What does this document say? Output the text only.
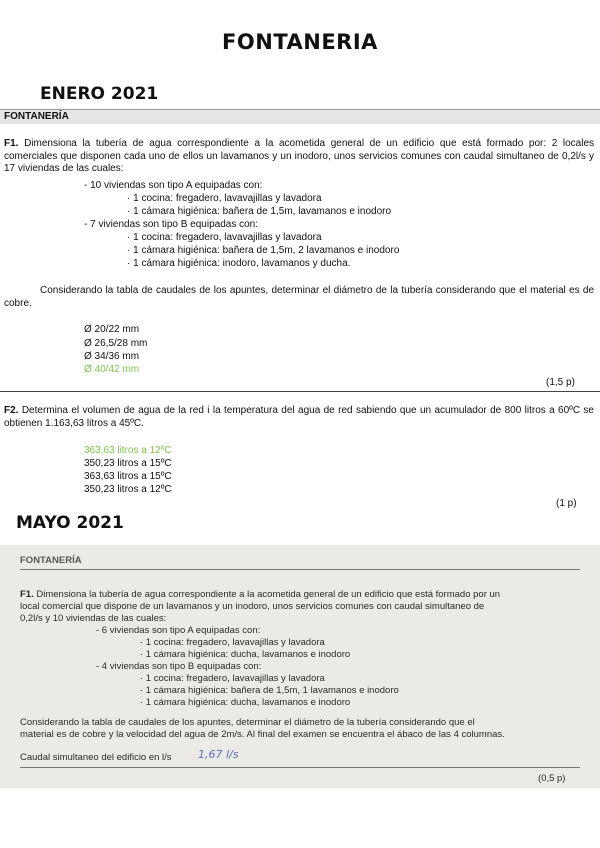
FONTANERIA
ENERO 2021
FONTANERÍA
F1. Dimensiona la tubería de agua correspondiente a la acometida general de un edificio que está formado por: 2 locales comerciales que disponen cada uno de ellos un lavamanos y un inodoro, unos servicios comunes con caudal simultaneo de 0,2l/s y 17 viviendas de las cuales:
- 10 viviendas son tipo A equipadas con:
· 1 cocina: fregadero, lavavajillas y lavadora
· 1 cámara higiénica: bañera de 1,5m, lavamanos e inodoro
- 7 viviendas son tipo B equipadas con:
· 1 cocina: fregadero, lavavajillas y lavadora
· 1 cámara higiénica: bañera de 1,5m, 2 lavamanos e inodoro
· 1 cámara higiénica: inodoro, lavamanos y ducha.
Considerando la tabla de caudales de los apuntes, determinar el diámetro de la tubería considerando que el material es de cobre.
Ø 20/22 mm
Ø 26,5/28 mm
Ø 34/36 mm
Ø 40/42 mm
(1,5 p)
F2. Determina el volumen de agua de la red i la temperatura del agua de red sabiendo que un acumulador de 800 litros a 60ºC se obtienen 1.163,63 litros a 45ºC.
363,63 litros a 12ºC
350,23 litros a 15ºC
363,63 litros a 15ºC
350,23 litros a 12ºC
(1 p)
MAYO 2021
FONTANERÍA
F1. Dimensiona la tubería de agua correspondiente a la acometida general de un edificio que está formado por un
local comercial que dispone de un lavamanos y un inodoro, unos servicios comunes con caudal simultaneo de
0,2l/s y 10 viviendas de las cuales:
- 6 viviendas son tipo A equipadas con:
· 1 cocina: fregadero, lavavajillas y lavadora
· 1 cámara higiénica: ducha, lavamanos e inodoro
- 4 viviendas son tipo B equipadas con:
· 1 cocina: fregadero, lavavajillas y lavadora
· 1 cámara higiénica: bañera de 1,5m, 1 lavamanos e inodoro
· 1 cámara higiénica: ducha, lavamanos e inodoro
Considerando la tabla de caudales de los apuntes, determinar el diámetro de la tubería considerando que el
material es de cobre y la velocidad del agua de 2m/s. Al final del examen se encuentra el ábaco de las 4 columnas.
Caudal simultaneo del edificio en l/s 1,67 l/s
(0,5 p)
